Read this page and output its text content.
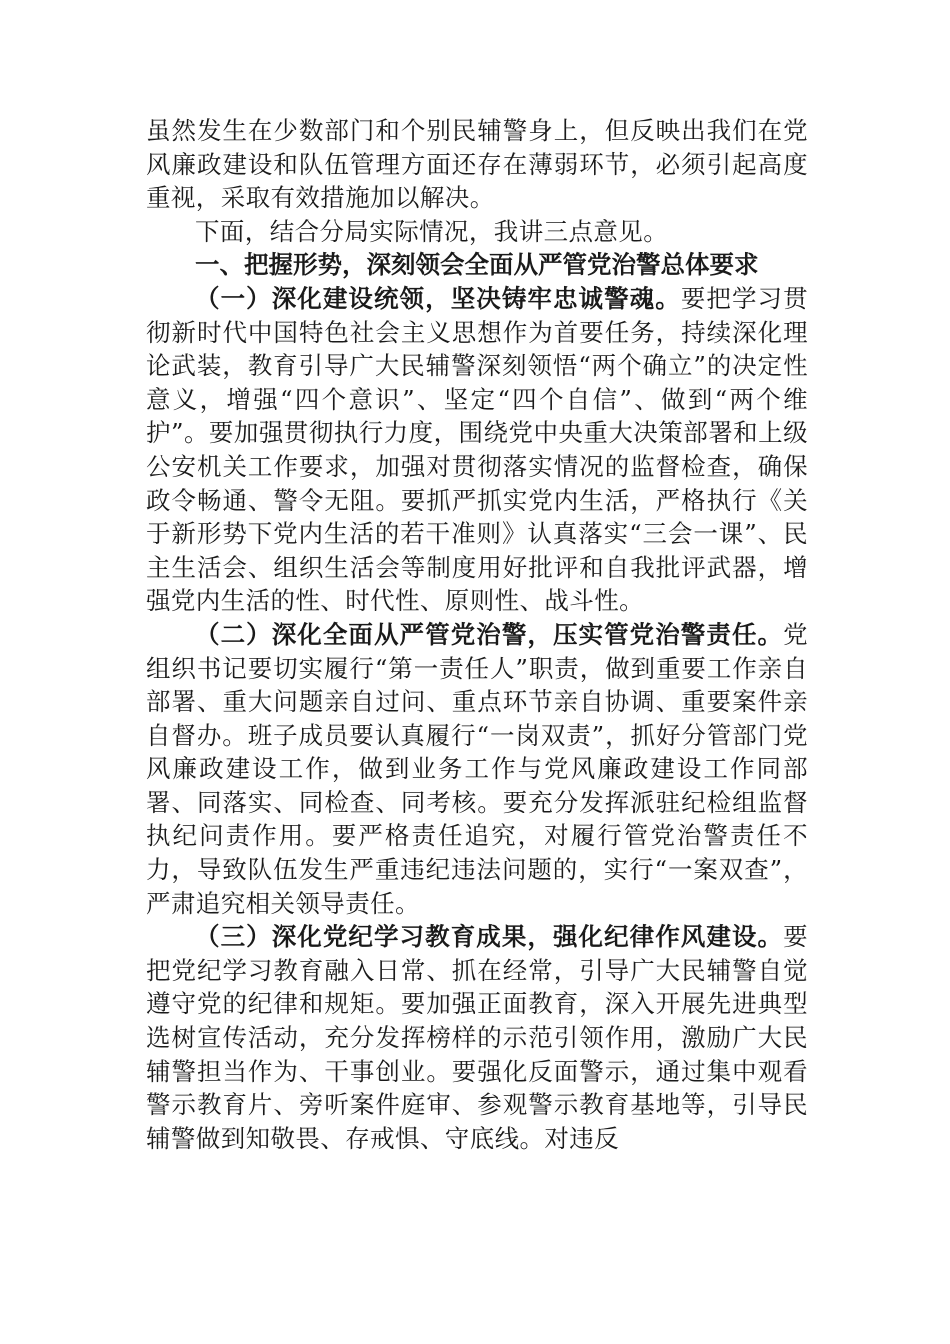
虽然发生在少数部门和个别民辅警身上，但反映出我们在党风廉政建设和队伍管理方面还存在薄弱环节，必须引起高度重视，采取有效措施加以解决。

下面，结合分局实际情况，我讲三点意见。

一、把握形势，深刻领会全面从严管党治警总体要求

（一）深化建设统领，坚决铸牢忠诚警魂。要把学习贯彻新时代中国特色社会主义思想作为首要任务，持续深化理论武装，教育引导广大民辅警深刻领悟“两个确立”的决定性意义，增强“四个意识”、坚定“四个自信”、做到“两个维护”。要加强贯彻执行力度，围绕党中央重大决策部署和上级公安机关工作要求，加强对贯彻落实情况的监督检查，确保政令畅通、警令无阻。要抓严抓实党内生活，严格执行《关于新形势下党内生活的若干准则》认真落实“三会一课”、民主生活会、组织生活会等制度用好批评和自我批评武器，增强党内生活的性、时代性、原则性、战斗性。

（二）深化全面从严管党治警，压实管党治警责任。党组织书记要切实履行“第一责任人”职责，做到重要工作亲自部署、重大问题亲自过问、重点环节亲自协调、重要案件亲自督办。班子成员要认真履行“一岗双责”，抓好分管部门党风廉政建设工作，做到业务工作与党风廉政建设工作同部署、同落实、同检查、同考核。要充分发挥派驻纪检组监督执纪问责作用。要严格责任追究，对履行管党治警责任不力，导致队伍发生严重违纪违法问题的，实行“一案双查”，严肃追究相关领导责任。

（三）深化党纪学习教育成果，强化纪律作风建设。要把党纪学习教育融入日常、抓在经常，引导广大民辅警自觉遵守党的纪律和规矩。要加强正面教育，深入开展先进典型选树宣传活动，充分发挥榜样的示范引领作用，激励广大民辅警担当作为、干事创业。要强化反面警示，通过集中观看警示教育片、旁听案件庭审、参观警示教育基地等，引导民辅警做到知敬畏、存戒惧、守底线。对违反
